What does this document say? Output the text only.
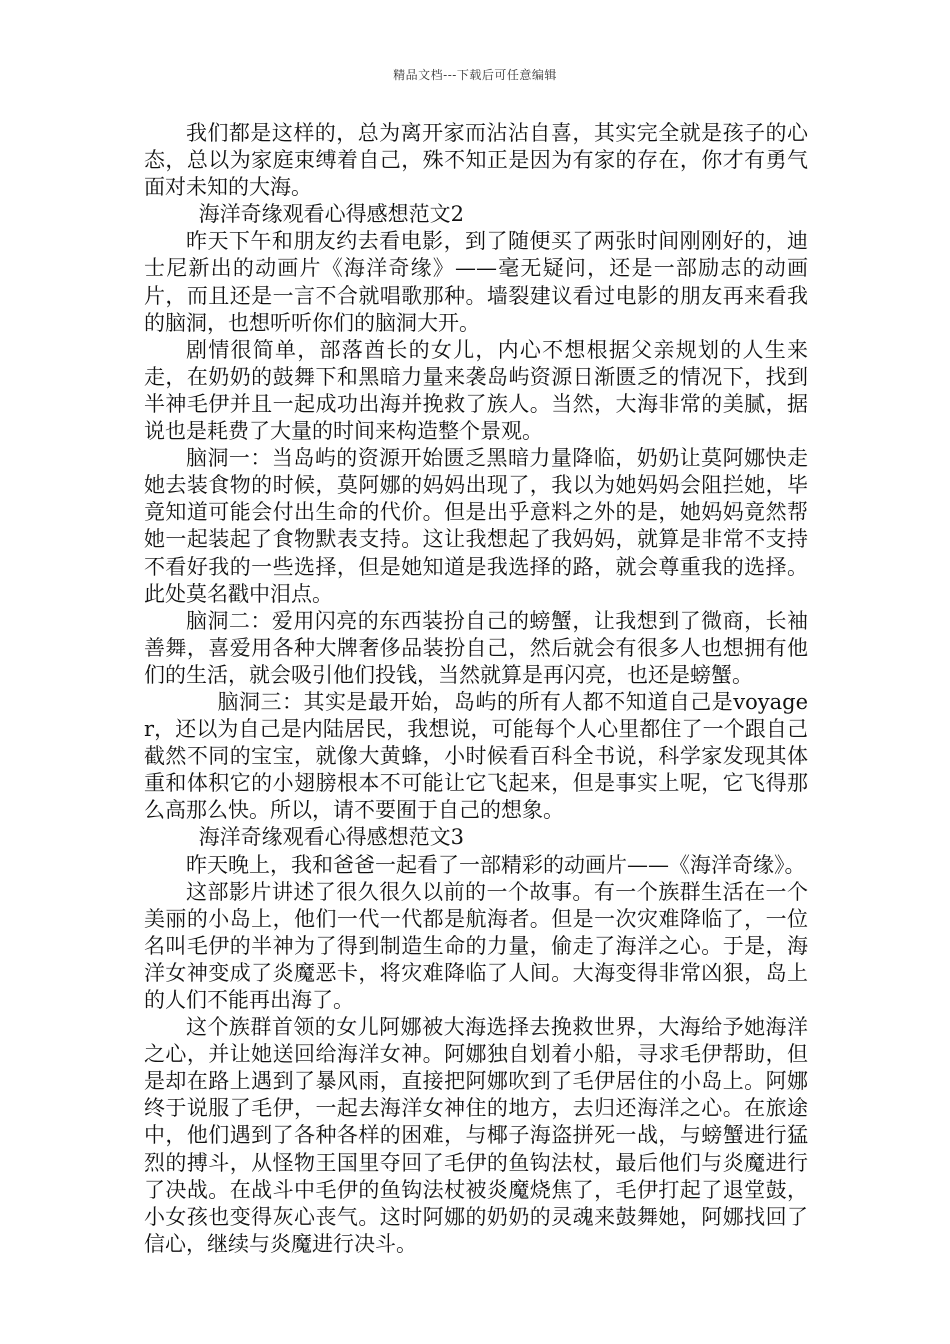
精品文档---下载后可任意编辑

我们都是这样的，总为离开家而沾沾自喜，其实完全就是孩子的心态，总以为家庭束缚着自己，殊不知正是因为有家的存在，你才有勇气面对未知的大海。

海洋奇缘观看心得感想范文2

昨天下午和朋友约去看电影，到了随便买了两张时间刚刚好的，迪士尼新出的动画片《海洋奇缘》——毫无疑问，还是一部励志的动画片，而且还是一言不合就唱歌那种。墙裂建议看过电影的朋友再来看我的脑洞，也想听听你们的脑洞大开。

剧情很简单，部落酋长的女儿，内心不想根据父亲规划的人生来走，在奶奶的鼓舞下和黑暗力量来袭岛屿资源日渐匮乏的情况下，找到半神毛伊并且一起成功出海并挽救了族人。当然，大海非常的美腻，据说也是耗费了大量的时间来构造整个景观。

脑洞一：当岛屿的资源开始匮乏黑暗力量降临，奶奶让莫阿娜快走她去装食物的时候，莫阿娜的妈妈出现了，我以为她妈妈会阻拦她，毕竟知道可能会付出生命的代价。但是出乎意料之外的是，她妈妈竟然帮她一起装起了食物默表支持。这让我想起了我妈妈，就算是非常不支持不看好我的一些选择，但是她知道是我选择的路，就会尊重我的选择。此处莫名戳中泪点。

脑洞二：爱用闪亮的东西装扮自己的螃蟹，让我想到了微商，长袖善舞，喜爱用各种大牌奢侈品装扮自己，然后就会有很多人也想拥有他们的生活，就会吸引他们投钱，当然就算是再闪亮，也还是螃蟹。

脑洞三：其实是最开始，岛屿的所有人都不知道自己是voyager，还以为自己是内陆居民，我想说，可能每个人心里都住了一个跟自己截然不同的宝宝，就像大黄蜂，小时候看百科全书说，科学家发现其体重和体积它的小翅膀根本不可能让它飞起来，但是事实上呢，它飞得那么高那么快。所以，请不要囿于自己的想象。

海洋奇缘观看心得感想范文3

昨天晚上，我和爸爸一起看了一部精彩的动画片——《海洋奇缘》。

这部影片讲述了很久很久以前的一个故事。有一个族群生活在一个美丽的小岛上，他们一代一代都是航海者。但是一次灾难降临了，一位名叫毛伊的半神为了得到制造生命的力量，偷走了海洋之心。于是，海洋女神变成了炎魔恶卡，将灾难降临了人间。大海变得非常凶狠，岛上的人们不能再出海了。

这个族群首领的女儿阿娜被大海选择去挽救世界，大海给予她海洋之心，并让她送回给海洋女神。阿娜独自划着小船，寻求毛伊帮助，但是却在路上遇到了暴风雨，直接把阿娜吹到了毛伊居住的小岛上。阿娜终于说服了毛伊，一起去海洋女神住的地方，去归还海洋之心。在旅途中，他们遇到了各种各样的困难，与椰子海盗拼死一战，与螃蟹进行猛烈的搏斗，从怪物王国里夺回了毛伊的鱼钩法杖，最后他们与炎魔进行了决战。在战斗中毛伊的鱼钩法杖被炎魔烧焦了，毛伊打起了退堂鼓，小女孩也变得灰心丧气。这时阿娜的奶奶的灵魂来鼓舞她，阿娜找回了信心，继续与炎魔进行决斗。
